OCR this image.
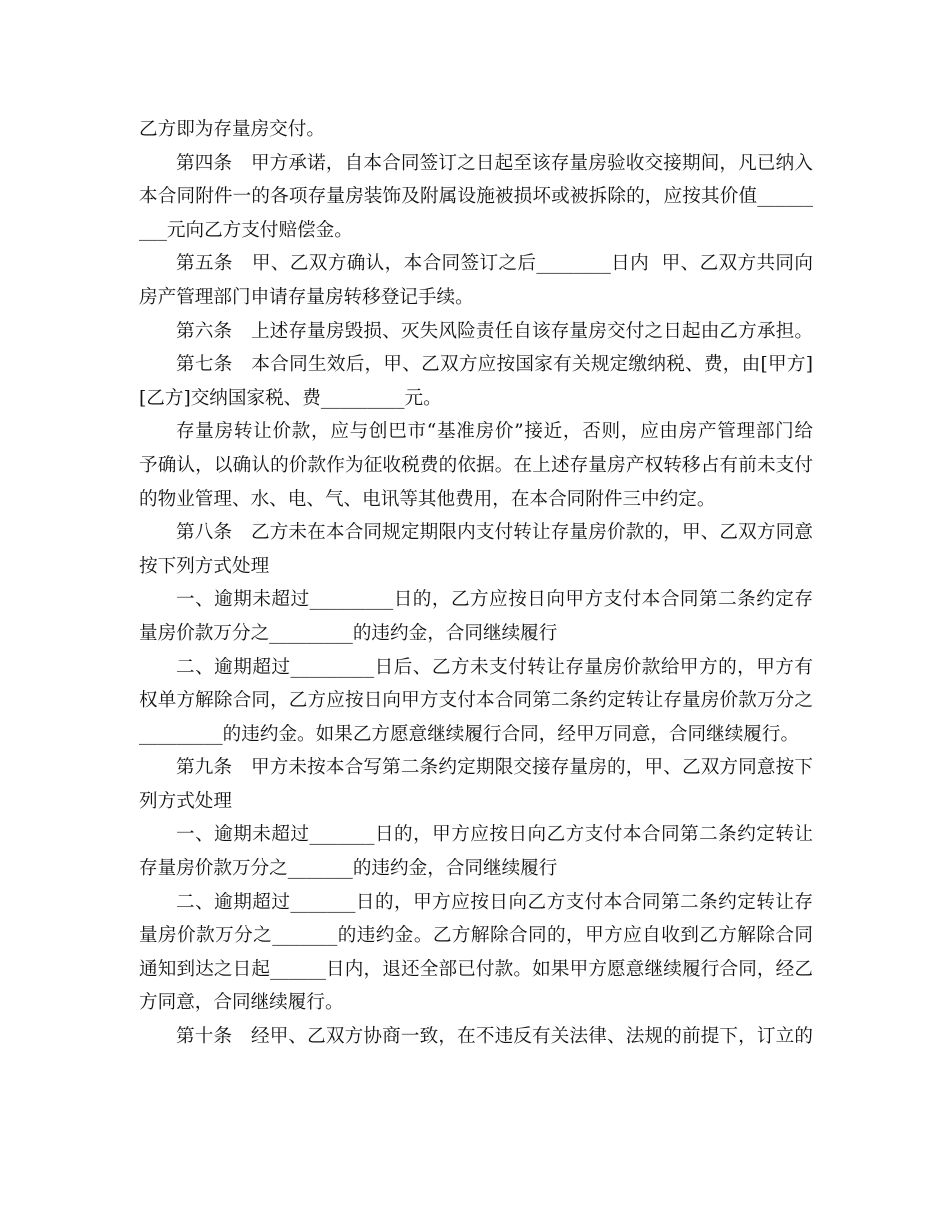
乙方即为存量房交付。
第四条　甲方承诺，自本合同签订之日起至该存量房验收交接期间，凡已纳入
本合同附件一的各项存量房装饰及附属设施被损坏或被拆除的，应按其价值______
___元向乙方支付赔偿金。
第五条　甲、乙双方确认，本合同签订之后________日内  甲、乙双方共同向
房产管理部门申请存量房转移登记手续。
第六条　上述存量房毁损、灭失风险责任自该存量房交付之日起由乙方承担。
第七条　本合同生效后，甲、乙双方应按国家有关规定缴纳税、费，由[甲方]
[乙方]交纳国家税、费_________元。
存量房转让价款，应与创巴市“基准房价”接近，否则，应由房产管理部门给
予确认，以确认的价款作为征收税费的依据。在上述存量房产权转移占有前未支付
的物业管理、水、电、气、电讯等其他费用，在本合同附件三中约定。
第八条　乙方未在本合同规定期限内支付转让存量房价款的，甲、乙双方同意
按下列方式处理
一、逾期未超过_________日的，乙方应按日向甲方支付本合同第二条约定存
量房价款万分之_________的违约金，合同继续履行
二、逾期超过_________日后、乙方未支付转让存量房价款给甲方的，甲方有
权单方解除合同，乙方应按日向甲方支付本合同第二条约定转让存量房价款万分之
_________的违约金。如果乙方愿意继续履行合同，经甲万同意，合同继续履行。
第九条　甲方未按本合写第二条约定期限交接存量房的，甲、乙双方同意按下
列方式处理
一、逾期未超过_______日的，甲方应按日向乙方支付本合同第二条约定转让
存量房价款万分之_______的违约金，合同继续履行
二、逾期超过_______日的，甲方应按日向乙方支付本合同第二条约定转让存
量房价款万分之_______的违约金。乙方解除合同的，甲方应自收到乙方解除合同
通知到达之日起______日内，退还全部已付款。如果甲方愿意继续履行合同，经乙
方同意，合同继续履行。
第十条　经甲、乙双方协商一致，在不违反有关法律、法规的前提下，订立的
